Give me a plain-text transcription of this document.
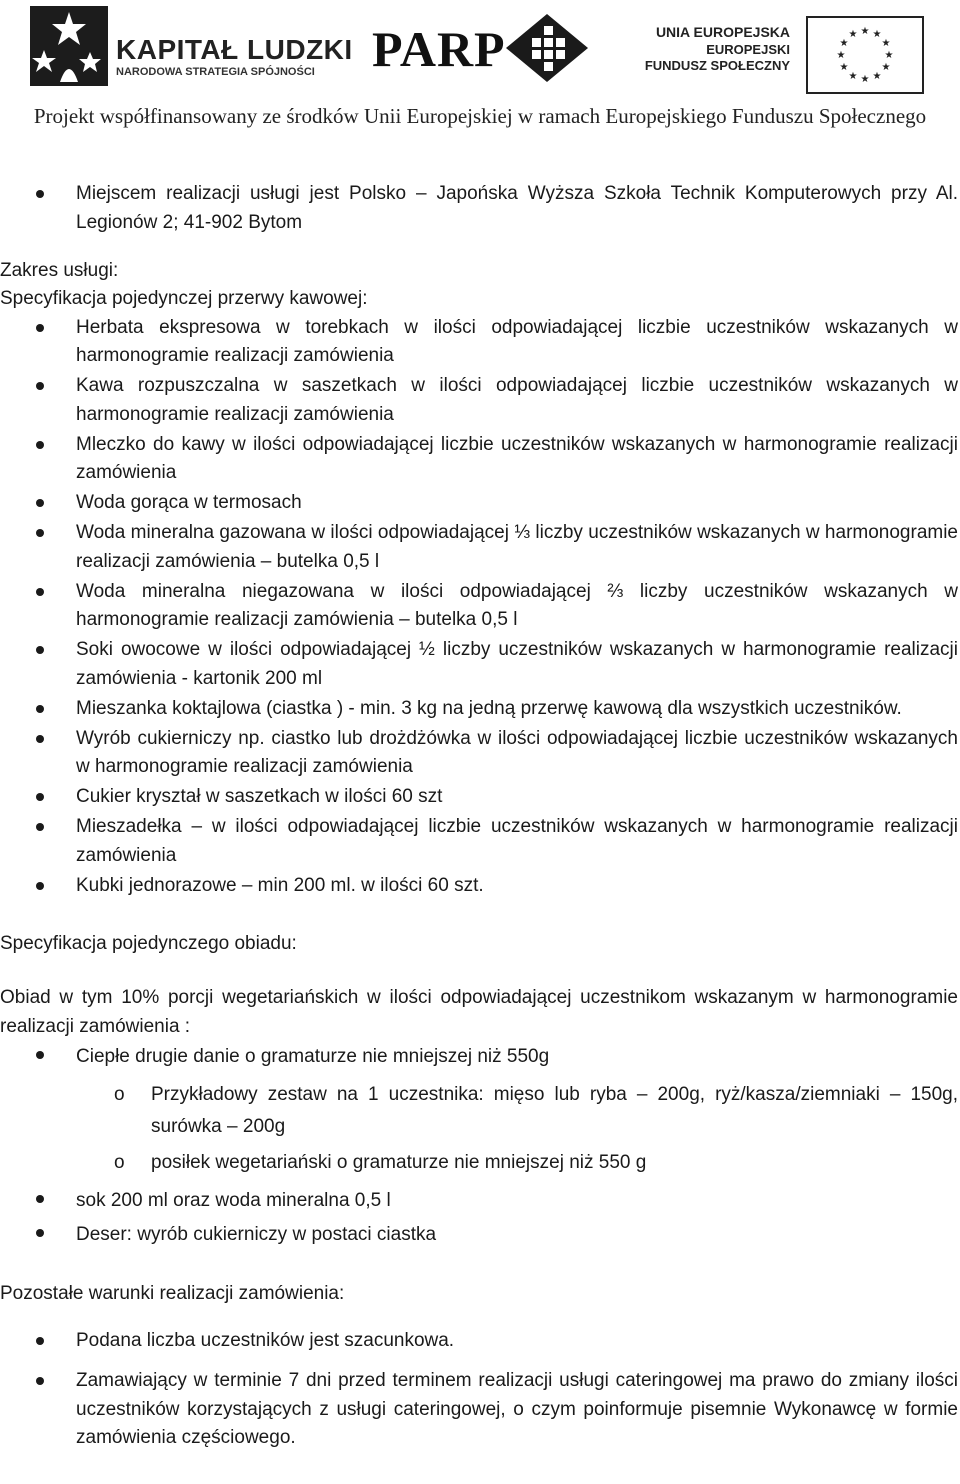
KAPITAŁ LUDZKI
NARODOWA STRATEGIA SPÓJNOŚCI PARP	UNIA EUROPEJSKA
EUROPEJSKI
FUNDUSZ SPOŁECZNY
★ ★
★
★
★
★
★
★
★
★
★
★
Projekt współfinansowany ze środków Unii Europejskiej w ramach Europejskiego Funduszu Społecznego
Miejscem realizacji usługi jest Polsko – Japońska Wyższa Szkoła Technik Komputerowych przy Al. Legionów 2; 41-902 Bytom

Zakres usługi:

Specyfikacja pojedynczej przerwy kawowej:

Herbata ekspresowa w torebkach w ilości odpowiadającej liczbie uczestników wskazanych w harmonogramie realizacji zamówienia
Kawa rozpuszczalna w saszetkach w ilości odpowiadającej liczbie uczestników wskazanych w harmonogramie realizacji zamówienia
Mleczko do kawy w ilości odpowiadającej liczbie uczestników wskazanych w harmonogramie realizacji zamówienia
Woda gorąca w termosach
Woda mineralna gazowana w ilości odpowiadającej ⅓ liczby uczestników wskazanych w harmonogramie realizacji zamówienia – butelka 0,5 l
Woda mineralna niegazowana w ilości odpowiadającej ⅔ liczby uczestników wskazanych w harmonogramie realizacji zamówienia – butelka 0,5 l
Soki owocowe w ilości odpowiadającej ½ liczby uczestników wskazanych w harmonogramie realizacji zamówienia - kartonik 200 ml
Mieszanka koktajlowa (ciastka ) - min. 3 kg na jedną przerwę kawową dla wszystkich uczestników.
Wyrób cukierniczy np. ciastko lub drożdżówka w ilości odpowiadającej liczbie uczestników wskazanych w harmonogramie realizacji zamówienia
Cukier kryształ w saszetkach w ilości 60 szt
Mieszadełka – w ilości odpowiadającej liczbie uczestników wskazanych w harmonogramie realizacji zamówienia
Kubki jednorazowe – min 200 ml. w ilości 60 szt.

Specyfikacja pojedynczego obiadu:

Obiad w tym 10% porcji wegetariańskich w ilości odpowiadającej uczestnikom wskazanym w harmonogramie realizacji zamówienia :

Ciepłe drugie danie o gramaturze nie mniejszej niż 550g
o Przykładowy zestaw na 1 uczestnika: mięso lub ryba – 200g, ryż/kasza/ziemniaki – 150g, surówka – 200g
o posiłek wegetariański o gramaturze nie mniejszej niż 550 g
sok 200 ml oraz woda mineralna 0,5 l
Deser: wyrób cukierniczy w postaci ciastka

Pozostałe warunki realizacji zamówienia:

Podana liczba uczestników jest szacunkowa.
Zamawiający w terminie 7 dni przed terminem realizacji usługi cateringowej ma prawo do zmiany ilości uczestników korzystających z usługi cateringowej, o czym poinformuje pisemnie Wykonawcę w formie zamówienia częściowego.
